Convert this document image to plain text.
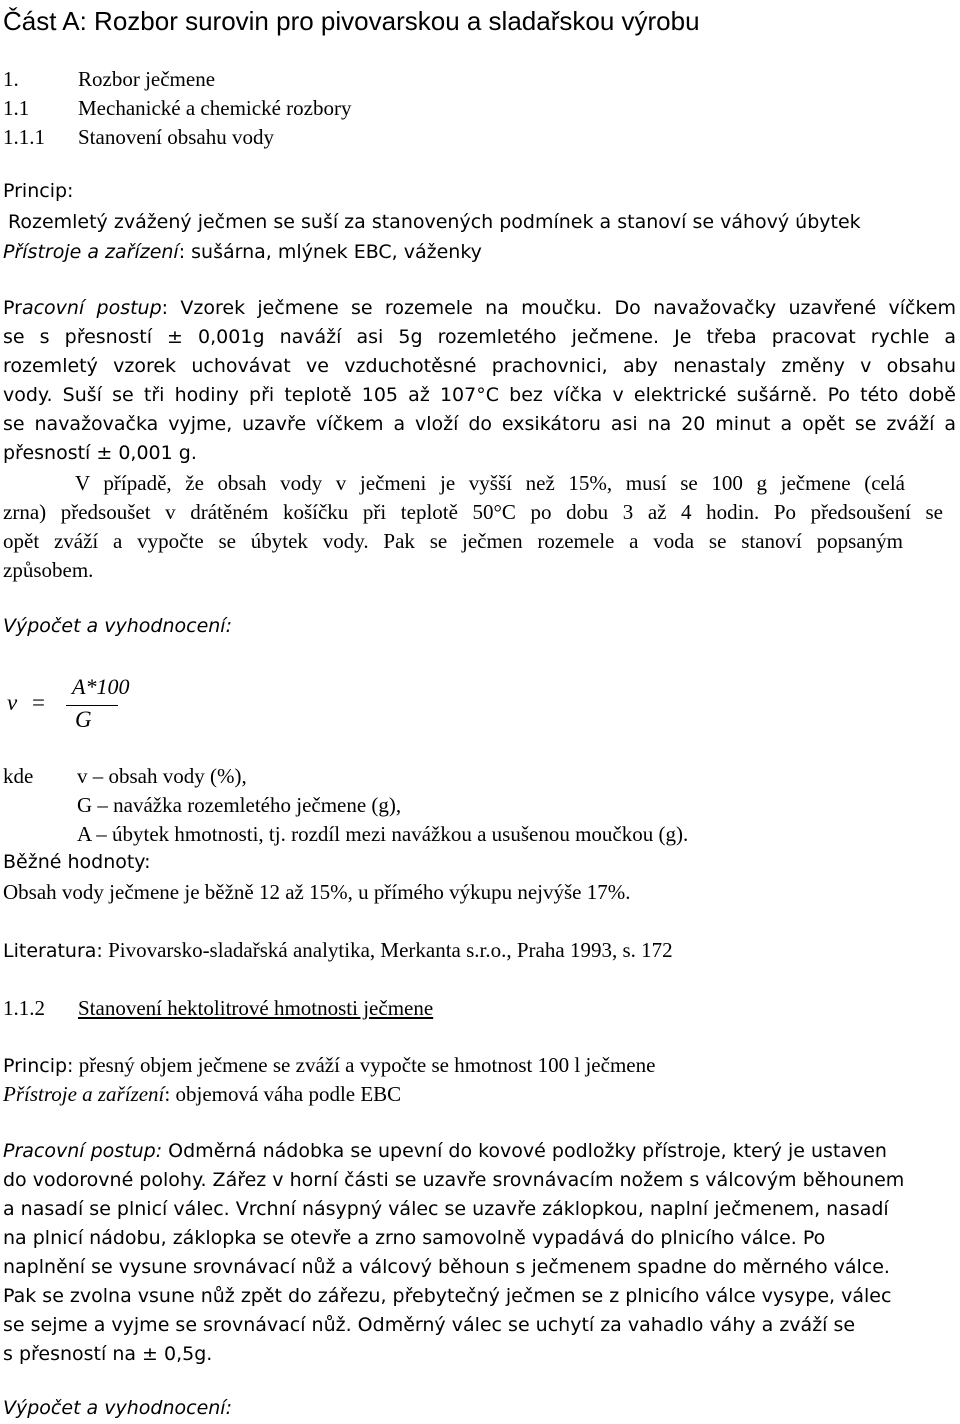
Část A: Rozbor surovin pro pivovarskou a sladařskou výrobu
1.	Rozbor ječmene
1.1 Mechanické a chemické rozbory
1.1.1 Stanovení obsahu vody
Princip:
Rozemletý zvážený ječmen se suší za stanovených podmínek a stanoví se váhový úbytek
Přístroje a zařízení: sušárna, mlýnek EBC, váženky
Pracovní postup: Vzorek ječmene se rozemele na moučku. Do navažovačky uzavřené víčkem
se s přesností ± 0,001g naváží asi 5g rozemletého ječmene. Je třeba pracovat rychle a
rozemletý vzorek uchovávat ve vzduchotěsné prachovnici, aby nenastaly změny v obsahu
vody. Suší se tři hodiny při teplotě 105 až 107°C bez víčka v elektrické sušárně. Po této době
se navažovačka vyjme, uzavře víčkem a vloží do exsikátoru asi na 20 minut a opět se zváží a
přesností ± 0,001 g.
V případě, že obsah vody v ječmeni je vyšší než 15%, musí se 100 g ječmene (celá
zrna) předsoušet v drátěném košíčku při teplotě 50°C po dobu 3 až 4 hodin. Po předsoušení se
opět zváží a vypočte se úbytek vody. Pak se ječmen rozemele a voda se stanoví popsaným
způsobem.
Výpočet a vyhodnocení:
v =
A*100
G
kde v – obsah vody (%),
G – navážka rozemletého ječmene (g),
A – úbytek hmotnosti, tj. rozdíl mezi navážkou a usušenou moučkou (g).
Běžné hodnoty:
Obsah vody ječmene je běžně 12 až 15%, u přímého výkupu nejvýše 17%.
Literatura: Pivovarsko-sladařská analytika, Merkanta s.r.o., Praha 1993, s. 172
1.1.2 Stanovení hektolitrové hmotnosti ječmene
Princip: přesný objem ječmene se zváží a vypočte se hmotnost 100 l ječmene
Přístroje a zařízení: objemová váha podle EBC
Pracovní postup: Odměrná nádobka se upevní do kovové podložky přístroje, který je ustaven
do vodorovné polohy. Zářez v horní části se uzavře srovnávacím nožem s válcovým běhounem
a nasadí se plnicí válec. Vrchní násypný válec se uzavře záklopkou, naplní ječmenem, nasadí
na plnicí nádobu, záklopka se otevře a zrno samovolně vypadává do plnicího válce. Po
naplnění se vysune srovnávací nůž a válcový běhoun s ječmenem spadne do měrného válce.
Pak se zvolna vsune nůž zpět do zářezu, přebytečný ječmen se z plnicího válce vysype, válec
se sejme a vyjme se srovnávací nůž. Odměrný válec se uchytí za vahadlo váhy a zváží se
s přesností na ± 0,5g.
Výpočet a vyhodnocení:
